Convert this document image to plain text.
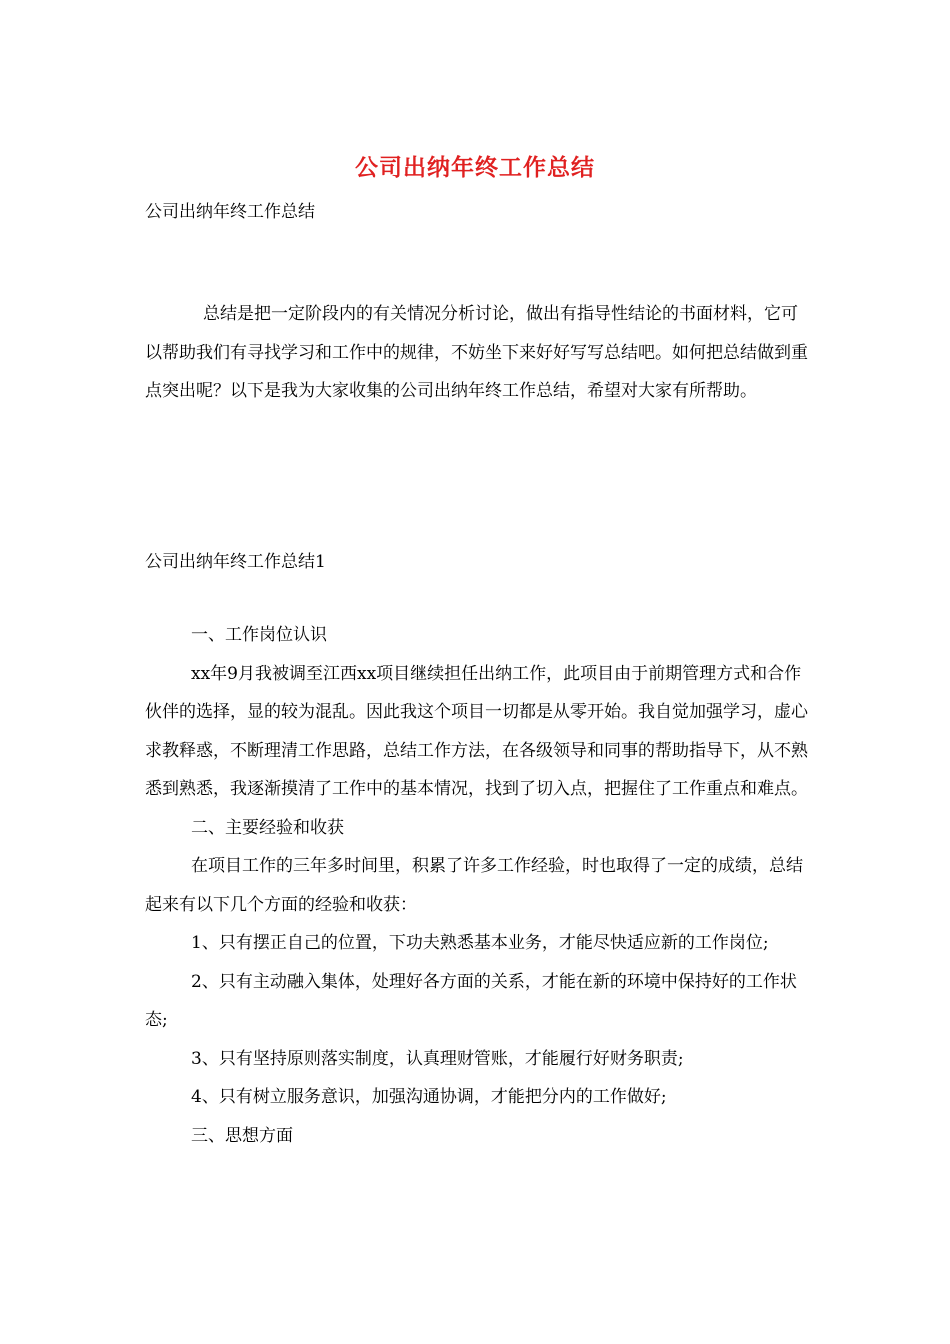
公司出纳年终工作总结
公司出纳年终工作总结

总结是把一定阶段内的有关情况分析讨论，做出有指导性结论的书面材料，它可以帮助我们有寻找学习和工作中的规律，不妨坐下来好好写写总结吧。如何把总结做到重点突出呢？以下是我为大家收集的公司出纳年终工作总结，希望对大家有所帮助。

公司出纳年终工作总结1

一、工作岗位认识

xx年9月我被调至江西xx项目继续担任出纳工作，此项目由于前期管理方式和合作伙伴的选择，显的较为混乱。因此我这个项目一切都是从零开始。我自觉加强学习，虚心求教释惑，不断理清工作思路，总结工作方法，在各级领导和同事的帮助指导下，从不熟悉到熟悉，我逐渐摸清了工作中的基本情况，找到了切入点，把握住了工作重点和难点。

二、主要经验和收获

在项目工作的三年多时间里，积累了许多工作经验，时也取得了一定的成绩，总结起来有以下几个方面的经验和收获：

1、只有摆正自己的位置，下功夫熟悉基本业务，才能尽快适应新的工作岗位;

2、只有主动融入集体，处理好各方面的关系，才能在新的环境中保持好的工作状态;

3、只有坚持原则落实制度，认真理财管账，才能履行好财务职责;

4、只有树立服务意识，加强沟通协调，才能把分内的工作做好;

三、思想方面
